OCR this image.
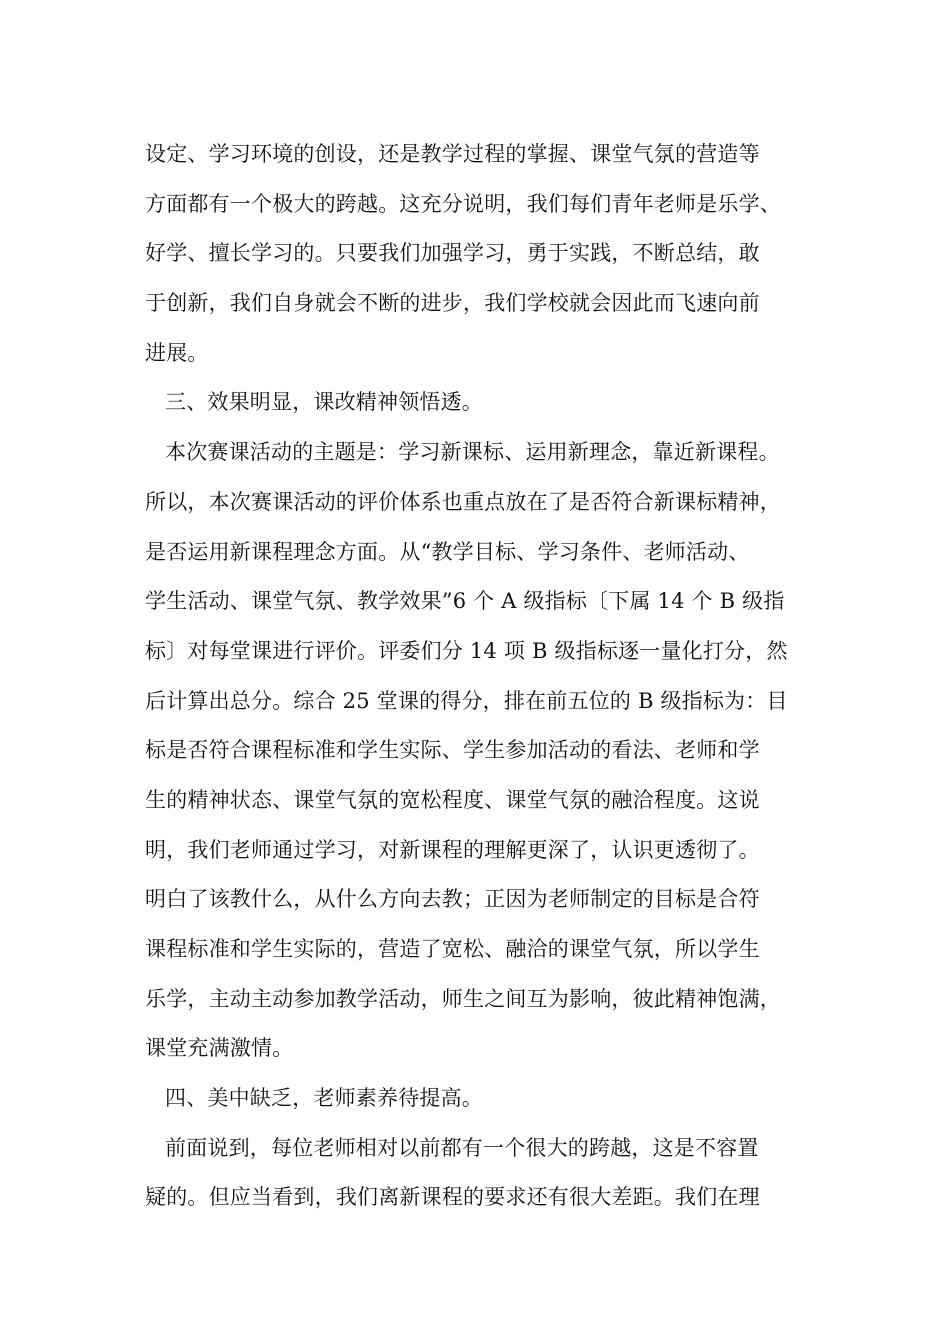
设定、学习环境的创设，还是教学过程的掌握、课堂气氛的营造等
方面都有一个极大的跨越。这充分说明，我们每们青年老师是乐学、
好学、擅长学习的。只要我们加强学习，勇于实践，不断总结，敢
于创新，我们自身就会不断的进步，我们学校就会因此而飞速向前
进展。
三、效果明显，课改精神领悟透。
本次赛课活动的主题是：学习新课标、运用新理念，靠近新课程。
所以，本次赛课活动的评价体系也重点放在了是否符合新课标精神，
是否运用新课程理念方面。从“教学目标、学习条件、老师活动、
学生活动、课堂气氛、教学效果”6 个 A 级指标〔下属 14 个 B 级指
标〕对每堂课进行评价。评委们分 14 项 B 级指标逐一量化打分，然
后计算出总分。综合 25 堂课的得分，排在前五位的 B 级指标为：目
标是否符合课程标准和学生实际、学生参加活动的看法、老师和学
生的精神状态、课堂气氛的宽松程度、课堂气氛的融洽程度。这说
明，我们老师通过学习，对新课程的理解更深了，认识更透彻了。
明白了该教什么，从什么方向去教；正因为老师制定的目标是合符
课程标准和学生实际的，营造了宽松、融洽的课堂气氛，所以学生
乐学，主动主动参加教学活动，师生之间互为影响，彼此精神饱满，
课堂充满激情。
四、美中缺乏，老师素养待提高。
前面说到，每位老师相对以前都有一个很大的跨越，这是不容置
疑的。但应当看到，我们离新课程的要求还有很大差距。我们在理
